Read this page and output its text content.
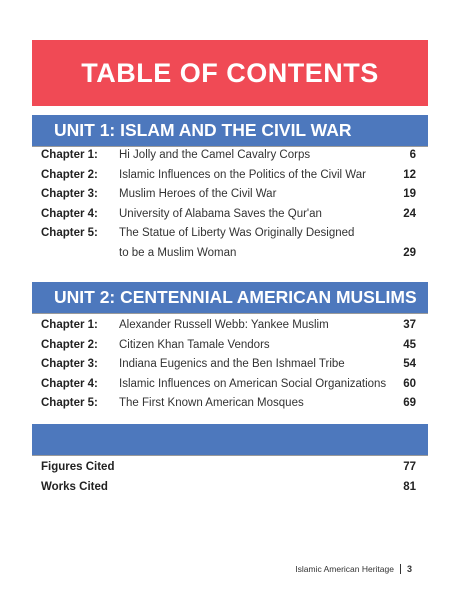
TABLE OF CONTENTS
UNIT 1: ISLAM AND THE CIVIL WAR
Chapter 1: Hi Jolly and the Camel Cavalry Corps	6
Chapter 2: Islamic Influences on the Politics of the Civil War	12
Chapter 3: Muslim Heroes of the Civil War	19
Chapter 4: University of Alabama Saves the Qur'an	24
Chapter 5: The Statue of Liberty Was Originally Designed
to be a Muslim Woman	29
UNIT 2: CENTENNIAL AMERICAN MUSLIMS
Chapter 1: Alexander Russell Webb: Yankee Muslim	37
Chapter 2: Citizen Khan Tamale Vendors	45
Chapter 3: Indiana Eugenics and the Ben Ishmael Tribe	54
Chapter 4: Islamic Influences on American Social Organizations 60
Chapter 5: The First Known American Mosques	69
Figures Cited	77
Works Cited	81
Islamic American Heritage 3
